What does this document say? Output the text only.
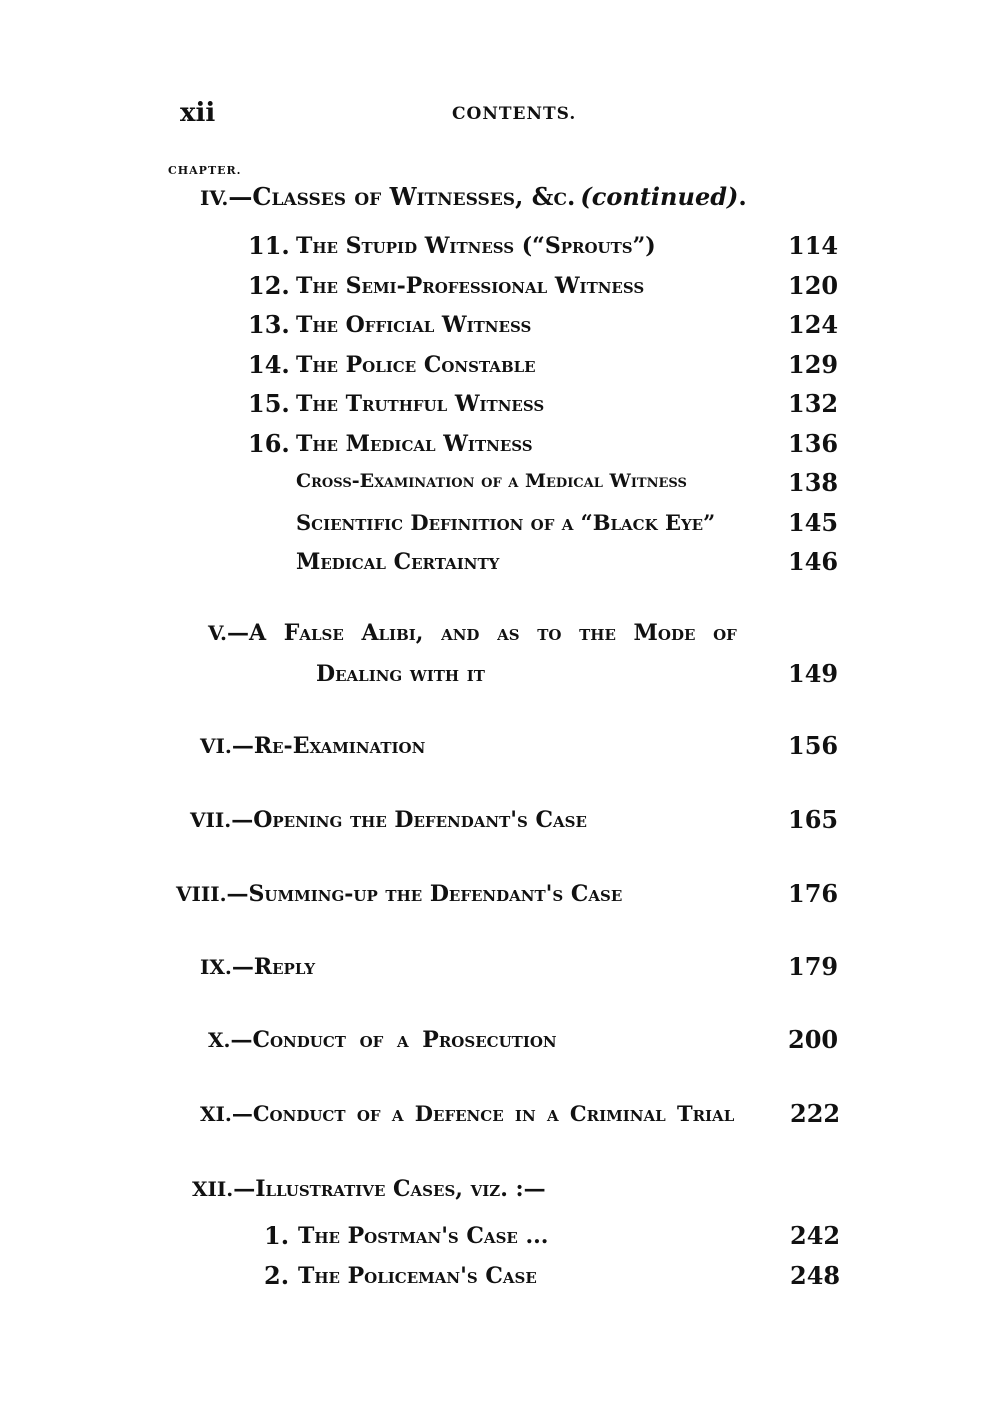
xii	CONTENTS.
CHAPTER.
IV.—Classes of Witnesses, &c. (continued).
11. The Stupid Witness (“Sprouts”)	114
12. The Semi-Professional Witness	120
13. The Official Witness	124
14. The Police Constable	129
15. The Truthful Witness	132
16. The Medical Witness	136
Cross-Examination of a Medical Witness	138
Scientific Definition of a “Black Eye”	145
Medical Certainty	146
V.—A False Alibi, and as to the Mode of
Dealing with it	149
VI.—Re-Examination	156
VII.—Opening the Defendant's Case	165
VIII.—Summing-up the Defendant's Case	176
IX.—Reply	179
X.—Conduct of a Prosecution	200
XI.—Conduct of a Defence in a Criminal Trial 222
XII.—Illustrative Cases, viz. :—
1. The Postman's Case ...	242
2. The Policeman's Case	248
